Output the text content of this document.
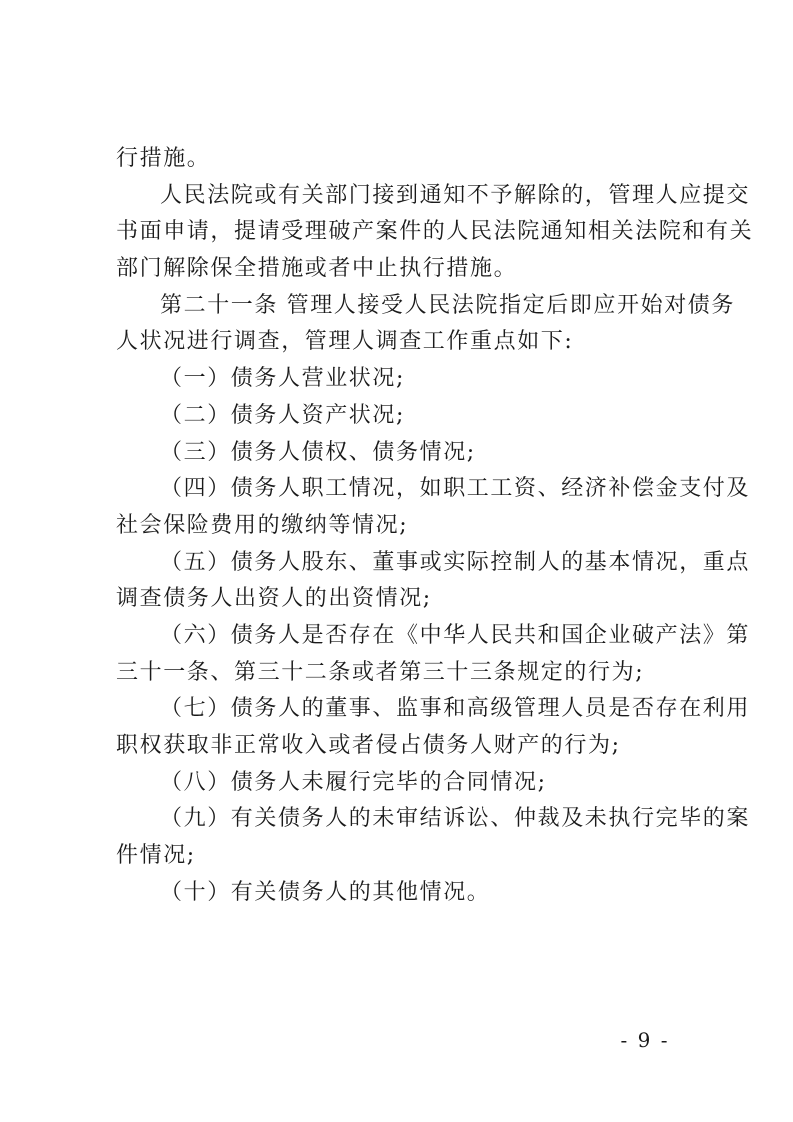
行措施。
人民法院或有关部门接到通知不予解除的，管理人应提交
书面申请，提请受理破产案件的人民法院通知相关法院和有关
部门解除保全措施或者中止执行措施。
第二十一条 管理人接受人民法院指定后即应开始对债务
人状况进行调查，管理人调查工作重点如下:
（一）债务人营业状况;
（二）债务人资产状况;
（三）债务人债权、债务情况;
（四）债务人职工情况，如职工工资、经济补偿金支付及
社会保险费用的缴纳等情况;
（五）债务人股东、董事或实际控制人的基本情况，重点
调查债务人出资人的出资情况;
（六）债务人是否存在《中华人民共和国企业破产法》第
三十一条、第三十二条或者第三十三条规定的行为;
（七）债务人的董事、监事和高级管理人员是否存在利用
职权获取非正常收入或者侵占债务人财产的行为;
（八）债务人未履行完毕的合同情况;
（九）有关债务人的未审结诉讼、仲裁及未执行完毕的案
件情况;
（十）有关债务人的其他情况。
- 9 -
